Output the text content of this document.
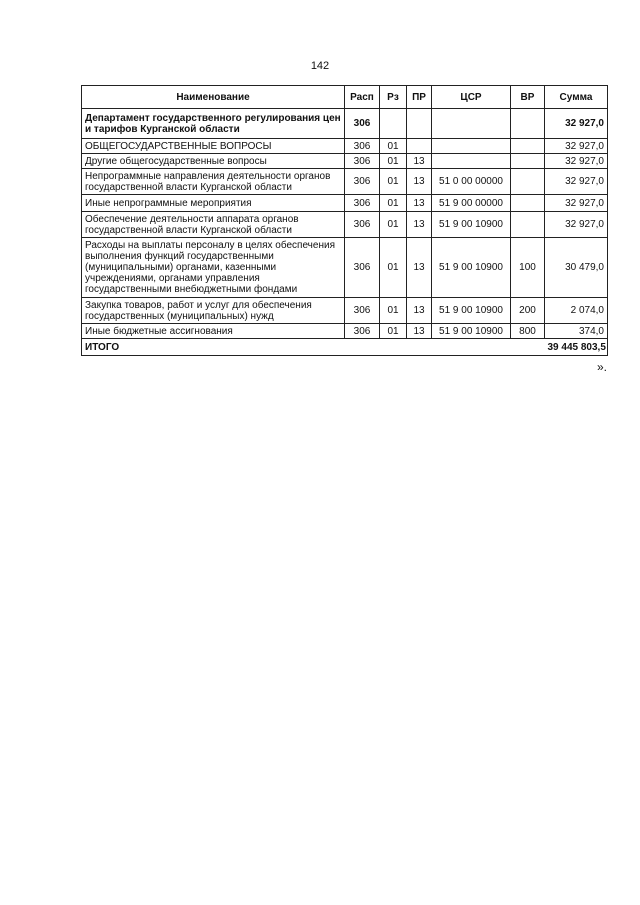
142
Наименование	Расп	Рз	ПР	ЦСР	ВР	Сумма
Департамент государственного регулирования цен и тарифов Курганской области	306					32 927,0
ОБЩЕГОСУДАРСТВЕННЫЕ ВОПРОСЫ	306	01				32 927,0
Другие общегосударственные вопросы	306	01	13			32 927,0
Непрограммные направления деятельности органов государственной власти Курганской области	306	01	13	51 0 00 00000		32 927,0
Иные непрограммные мероприятия	306	01	13	51 9 00 00000		32 927,0
Обеспечение деятельности аппарата органов государственной власти Курганской области	306	01	13	51 9 00 10900		32 927,0
Расходы на выплаты персоналу в целях обеспечения выполнения функций государственными (муниципальными) органами, казенными учреждениями, органами управления государственными внебюджетными фондами	306	01	13	51 9 00 10900	100	30 479,0
Закупка товаров, работ и услуг для обеспечения государственных (муниципальных) нужд	306	01	13	51 9 00 10900	200	2 074,0
Иные бюджетные ассигнования	306	01	13	51 9 00 10900	800	374,0
ИТОГО						39 445 803,5
».
